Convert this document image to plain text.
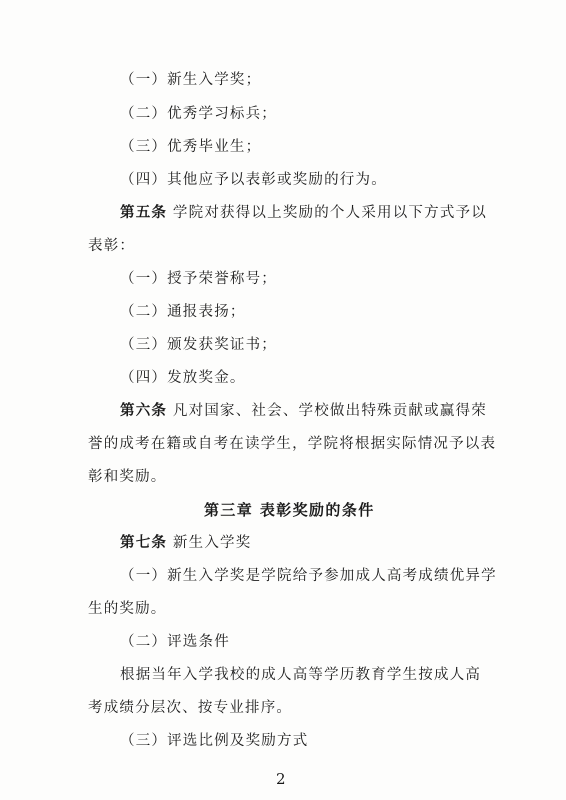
（一）新生入学奖；
（二）优秀学习标兵；
（三）优秀毕业生；
（四）其他应予以表彰或奖励的行为。
第五条 学院对获得以上奖励的个人采用以下方式予以
表彰：
（一）授予荣誉称号；
（二）通报表扬；
（三）颁发获奖证书；
（四）发放奖金。
第六条 凡对国家、社会、学校做出特殊贡献或赢得荣
誉的成考在籍或自考在读学生，学院将根据实际情况予以表
彰和奖励。
第三章 表彰奖励的条件
第七条 新生入学奖
（一）新生入学奖是学院给予参加成人高考成绩优异学
生的奖励。
（二）评选条件
根据当年入学我校的成人高等学历教育学生按成人高
考成绩分层次、按专业排序。
（三）评选比例及奖励方式
2
